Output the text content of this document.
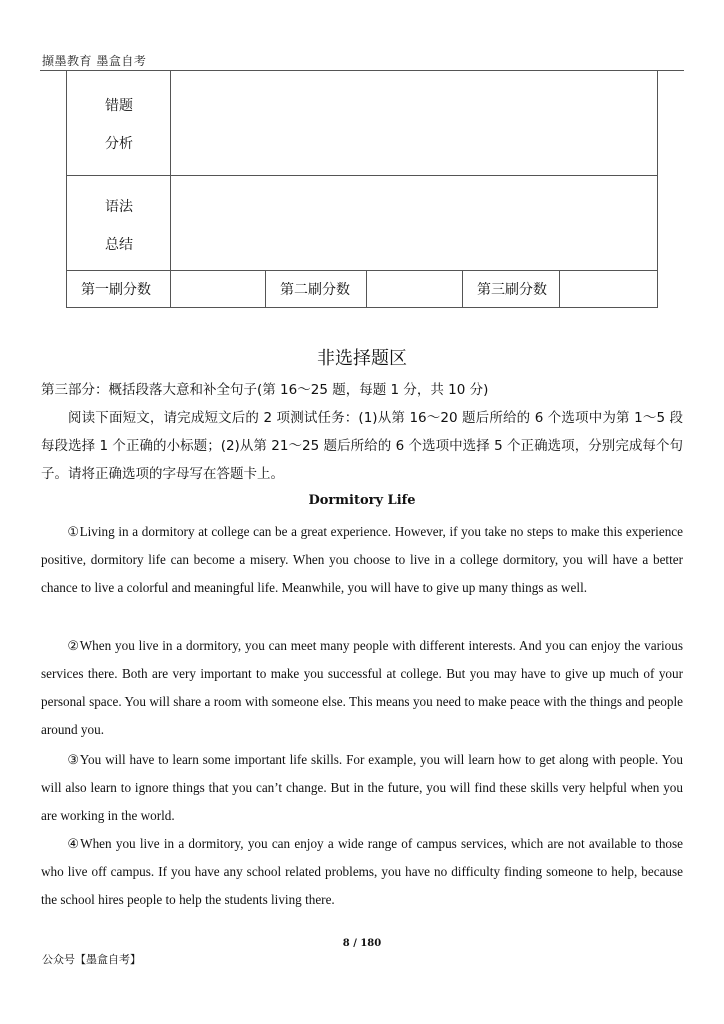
撷墨教育 墨盒自考
错题
分析
语法
总结
第一刷分数	第二刷分数	第三刷分数
非选择题区
第三部分：概括段落大意和补全句子(第 16～25 题，每题 1 分，共 10 分)
阅读下面短文，请完成短文后的 2 项测试任务：(1)从第 16～20 题后所给的 6 个选项中为第 1～5 段每段选择 1 个正确的小标题；(2)从第 21～25 题后所给的 6 个选项中选择 5 个正确选项，分别完成每个句子。请将正确选项的字母写在答题卡上。
Dormitory Life
①Living in a dormitory at college can be a great experience. However, if you take no steps to make this experience positive, dormitory life can become a misery. When you choose to live in a college dormitory, you will have a better chance to live a colorful and meaningful life. Meanwhile, you will have to give up many things as well.
②When you live in a dormitory, you can meet many people with different interests. And you can enjoy the various services there. Both are very important to make you successful at college. But you may have to give up much of your personal space. You will share a room with someone else. This means you need to make peace with the things and people around you.
③You will have to learn some important life skills. For example, you will learn how to get along with people. You will also learn to ignore things that you can’t change. But in the future, you will find these skills very helpful when you are working in the world.
④When you live in a dormitory, you can enjoy a wide range of campus services, which are not available to those who live off campus. If you have any school related problems, you have no difficulty finding someone to help, because the school hires people to help the students living there.
8 / 180
公众号【墨盒自考】
